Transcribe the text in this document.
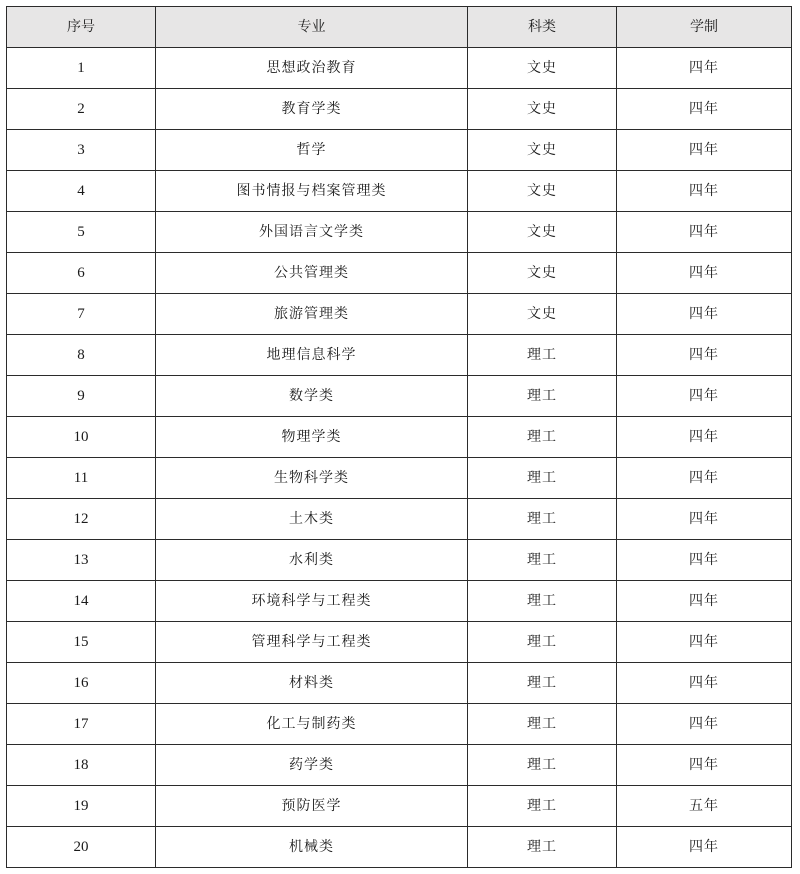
序号	专业	科类	学制
1	思想政治教育	文史	四年
2	教育学类	文史	四年
3	哲学	文史	四年
4	图书情报与档案管理类	文史	四年
5	外国语言文学类	文史	四年
6	公共管理类	文史	四年
7	旅游管理类	文史	四年
8	地理信息科学	理工	四年
9	数学类	理工	四年
10	物理学类	理工	四年
11	生物科学类	理工	四年
12	土木类	理工	四年
13	水利类	理工	四年
14	环境科学与工程类	理工	四年
15	管理科学与工程类	理工	四年
16	材料类	理工	四年
17	化工与制药类	理工	四年
18	药学类	理工	四年
19	预防医学	理工	五年
20	机械类	理工	四年
